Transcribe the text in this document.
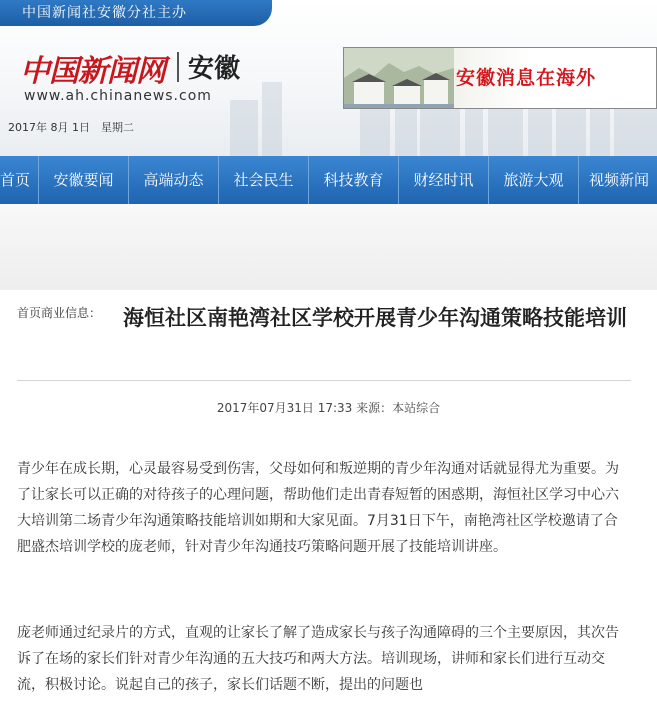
中国新闻社安徽分社主办
中国新闻网 安徽
www.ah.chinanews.com
2017年 8月 1日　星期二
安徽消息在海外
首页	安徽要闻	高端动态	社会民生	科技教育	财经时讯	旅游大观	视频新闻
首页商业信息： 海恒社区南艳湾社区学校开展青少年沟通策略技能培训
2017年07月31日 17:33 来源：本站综合

青少年在成长期，心灵最容易受到伤害，父母如何和叛逆期的青少年沟通对话就显得尤为重要。为了让家长可以正确的对待孩子的心理问题，帮助他们走出青春短暂的困惑期，海恒社区学习中心六大培训第二场青少年沟通策略技能培训如期和大家见面。7月31日下午，南艳湾社区学校邀请了合肥盛杰培训学校的庞老师，针对青少年沟通技巧策略问题开展了技能培训讲座。

庞老师通过纪录片的方式，直观的让家长了解了造成家长与孩子沟通障碍的三个主要原因，其次告诉了在场的家长们针对青少年沟通的五大技巧和两大方法。培训现场，讲师和家长们进行互动交流，积极讨论。说起自己的孩子，家长们话题不断，提出的问题也
